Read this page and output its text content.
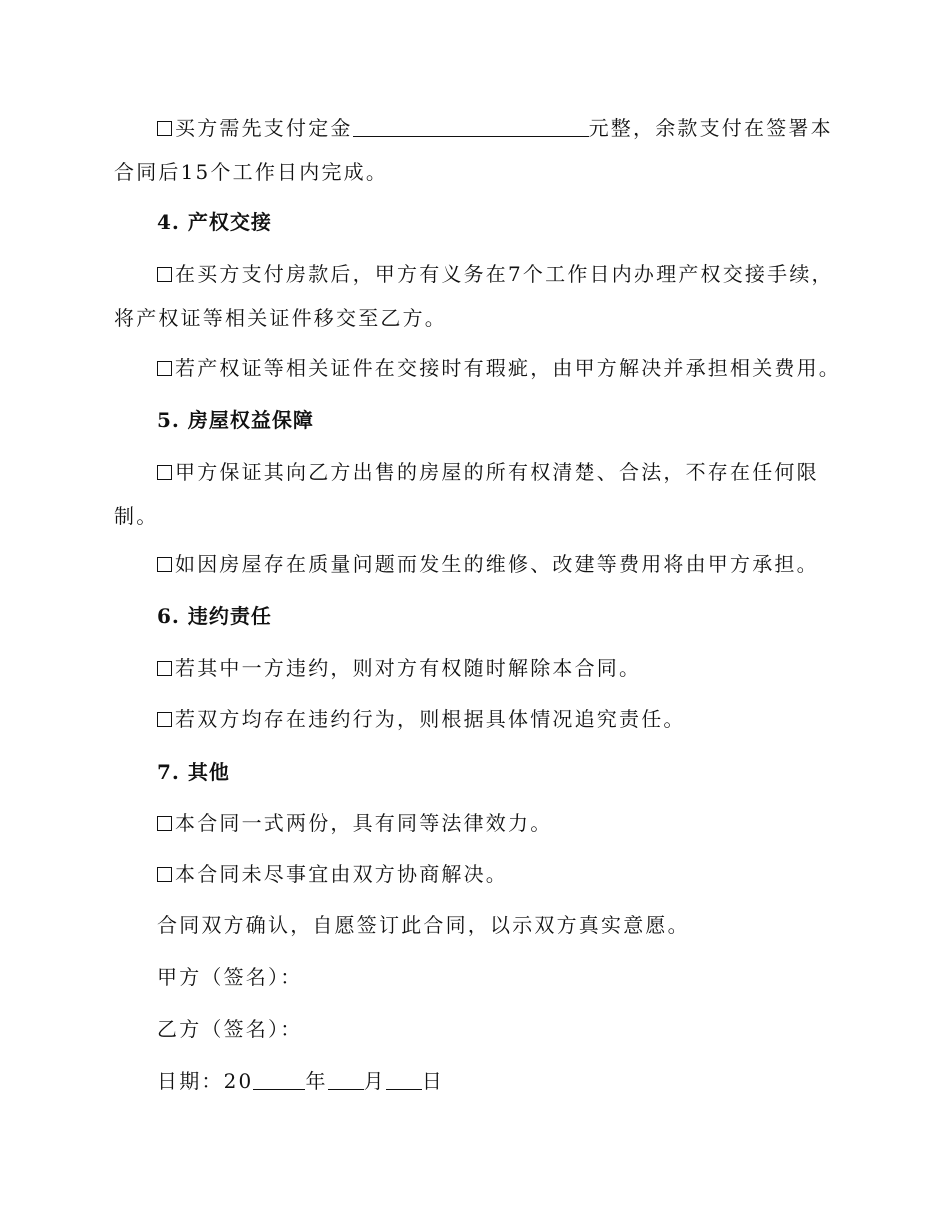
买方需先支付定金	元整，余款支付在签署本
合同后15个工作日内完成。
4. 产权交接
在买方支付房款后，甲方有义务在7个工作日内办理产权交接手续，
将产权证等相关证件移交至乙方。
若产权证等相关证件在交接时有瑕疵，由甲方解决并承担相关费用。
5. 房屋权益保障
甲方保证其向乙方出售的房屋的所有权清楚、合法，不存在任何限
制。
如因房屋存在质量问题而发生的维修、改建等费用将由甲方承担。
6. 违约责任
若其中一方违约，则对方有权随时解除本合同。
若双方均存在违约行为，则根据具体情况追究责任。
7. 其他
本合同一式两份，具有同等法律效力。
本合同未尽事宜由双方协商解决。
合同双方确认，自愿签订此合同，以示双方真实意愿。
甲方（签名）：
乙方（签名）：
日期：20	年 月 日
